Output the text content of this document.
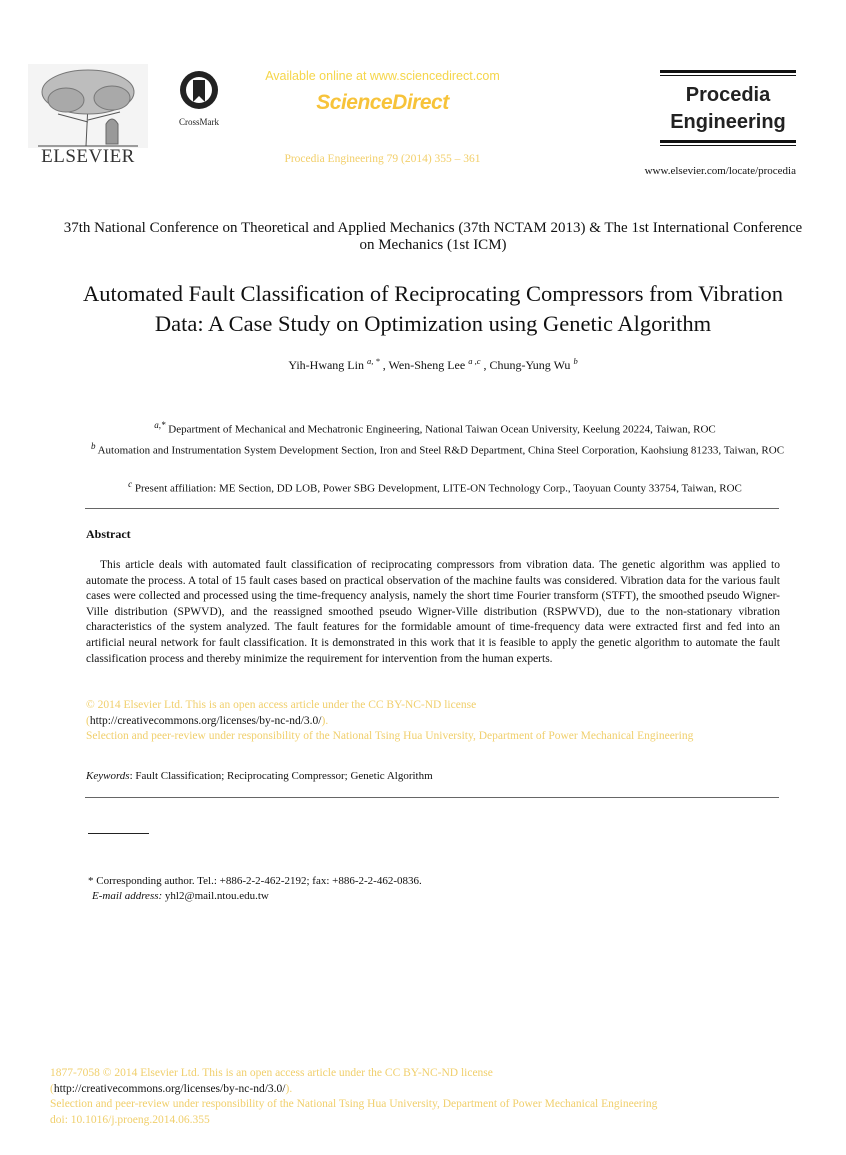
ELSEVIER
CrossMark
Available online at www.sciencedirect.com
ScienceDirect
Procedia Engineering 79 (2014) 355 – 361
Procedia
Engineering
www.elsevier.com/locate/procedia
37th National Conference on Theoretical and Applied Mechanics (37th NCTAM 2013) & The 1st International Conference on Mechanics (1st ICM)
Automated Fault Classification of Reciprocating Compressors from Vibration Data: A Case Study on Optimization using Genetic Algorithm
Yih-Hwang Lin $^{a, *}$ , Wen-Sheng Lee $^{a ,c}$ , Chung-Yung Wu $^b$
$^{a,*}$ Department of Mechanical and Mechatronic Engineering, National Taiwan Ocean University, Keelung 20224, Taiwan, ROC
$^b$ Automation and Instrumentation System Development Section, Iron and Steel R&D Department, China Steel Corporation, Kaohsiung 81233, Taiwan, ROC
$^c$ Present affiliation: ME Section, DD LOB, Power SBG Development, LITE-ON Technology Corp., Taoyuan County 33754, Taiwan, ROC
Abstract
This article deals with automated fault classification of reciprocating compressors from vibration data. The genetic algorithm was applied to automate the process. A total of 15 fault cases based on practical observation of the machine faults was considered. Vibration data for the various fault cases were collected and processed using the time-frequency analysis, namely the short time Fourier transform (STFT), the smoothed pseudo Wigner-Ville distribution (SPWVD), and the reassigned smoothed pseudo Wigner-Ville distribution (RSPWVD), due to the non-stationary vibration characteristics of the system analyzed. The fault features for the formidable amount of time-frequency data were extracted first and fed into an artificial neural network for fault classification. It is demonstrated in this work that it is feasible to apply the genetic algorithm to automate the fault classification process and thereby minimize the requirement for intervention from the human experts.
© 2014 Elsevier Ltd. This is an open access article under the CC BY-NC-ND license
(http://creativecommons.org/licenses/by-nc-nd/3.0/).
Selection and peer-review under responsibility of the National Tsing Hua University, Department of Power Mechanical Engineering
Keywords: Fault Classification; Reciprocating Compressor; Genetic Algorithm
* Corresponding author. Tel.: +886-2-2-462-2192; fax: +886-2-2-462-0836.
E-mail address: yhl2@mail.ntou.edu.tw
1877-7058 © 2014 Elsevier Ltd. This is an open access article under the CC BY-NC-ND license
(http://creativecommons.org/licenses/by-nc-nd/3.0/).
Selection and peer-review under responsibility of the National Tsing Hua University, Department of Power Mechanical Engineering
doi: 10.1016/j.proeng.2014.06.355
